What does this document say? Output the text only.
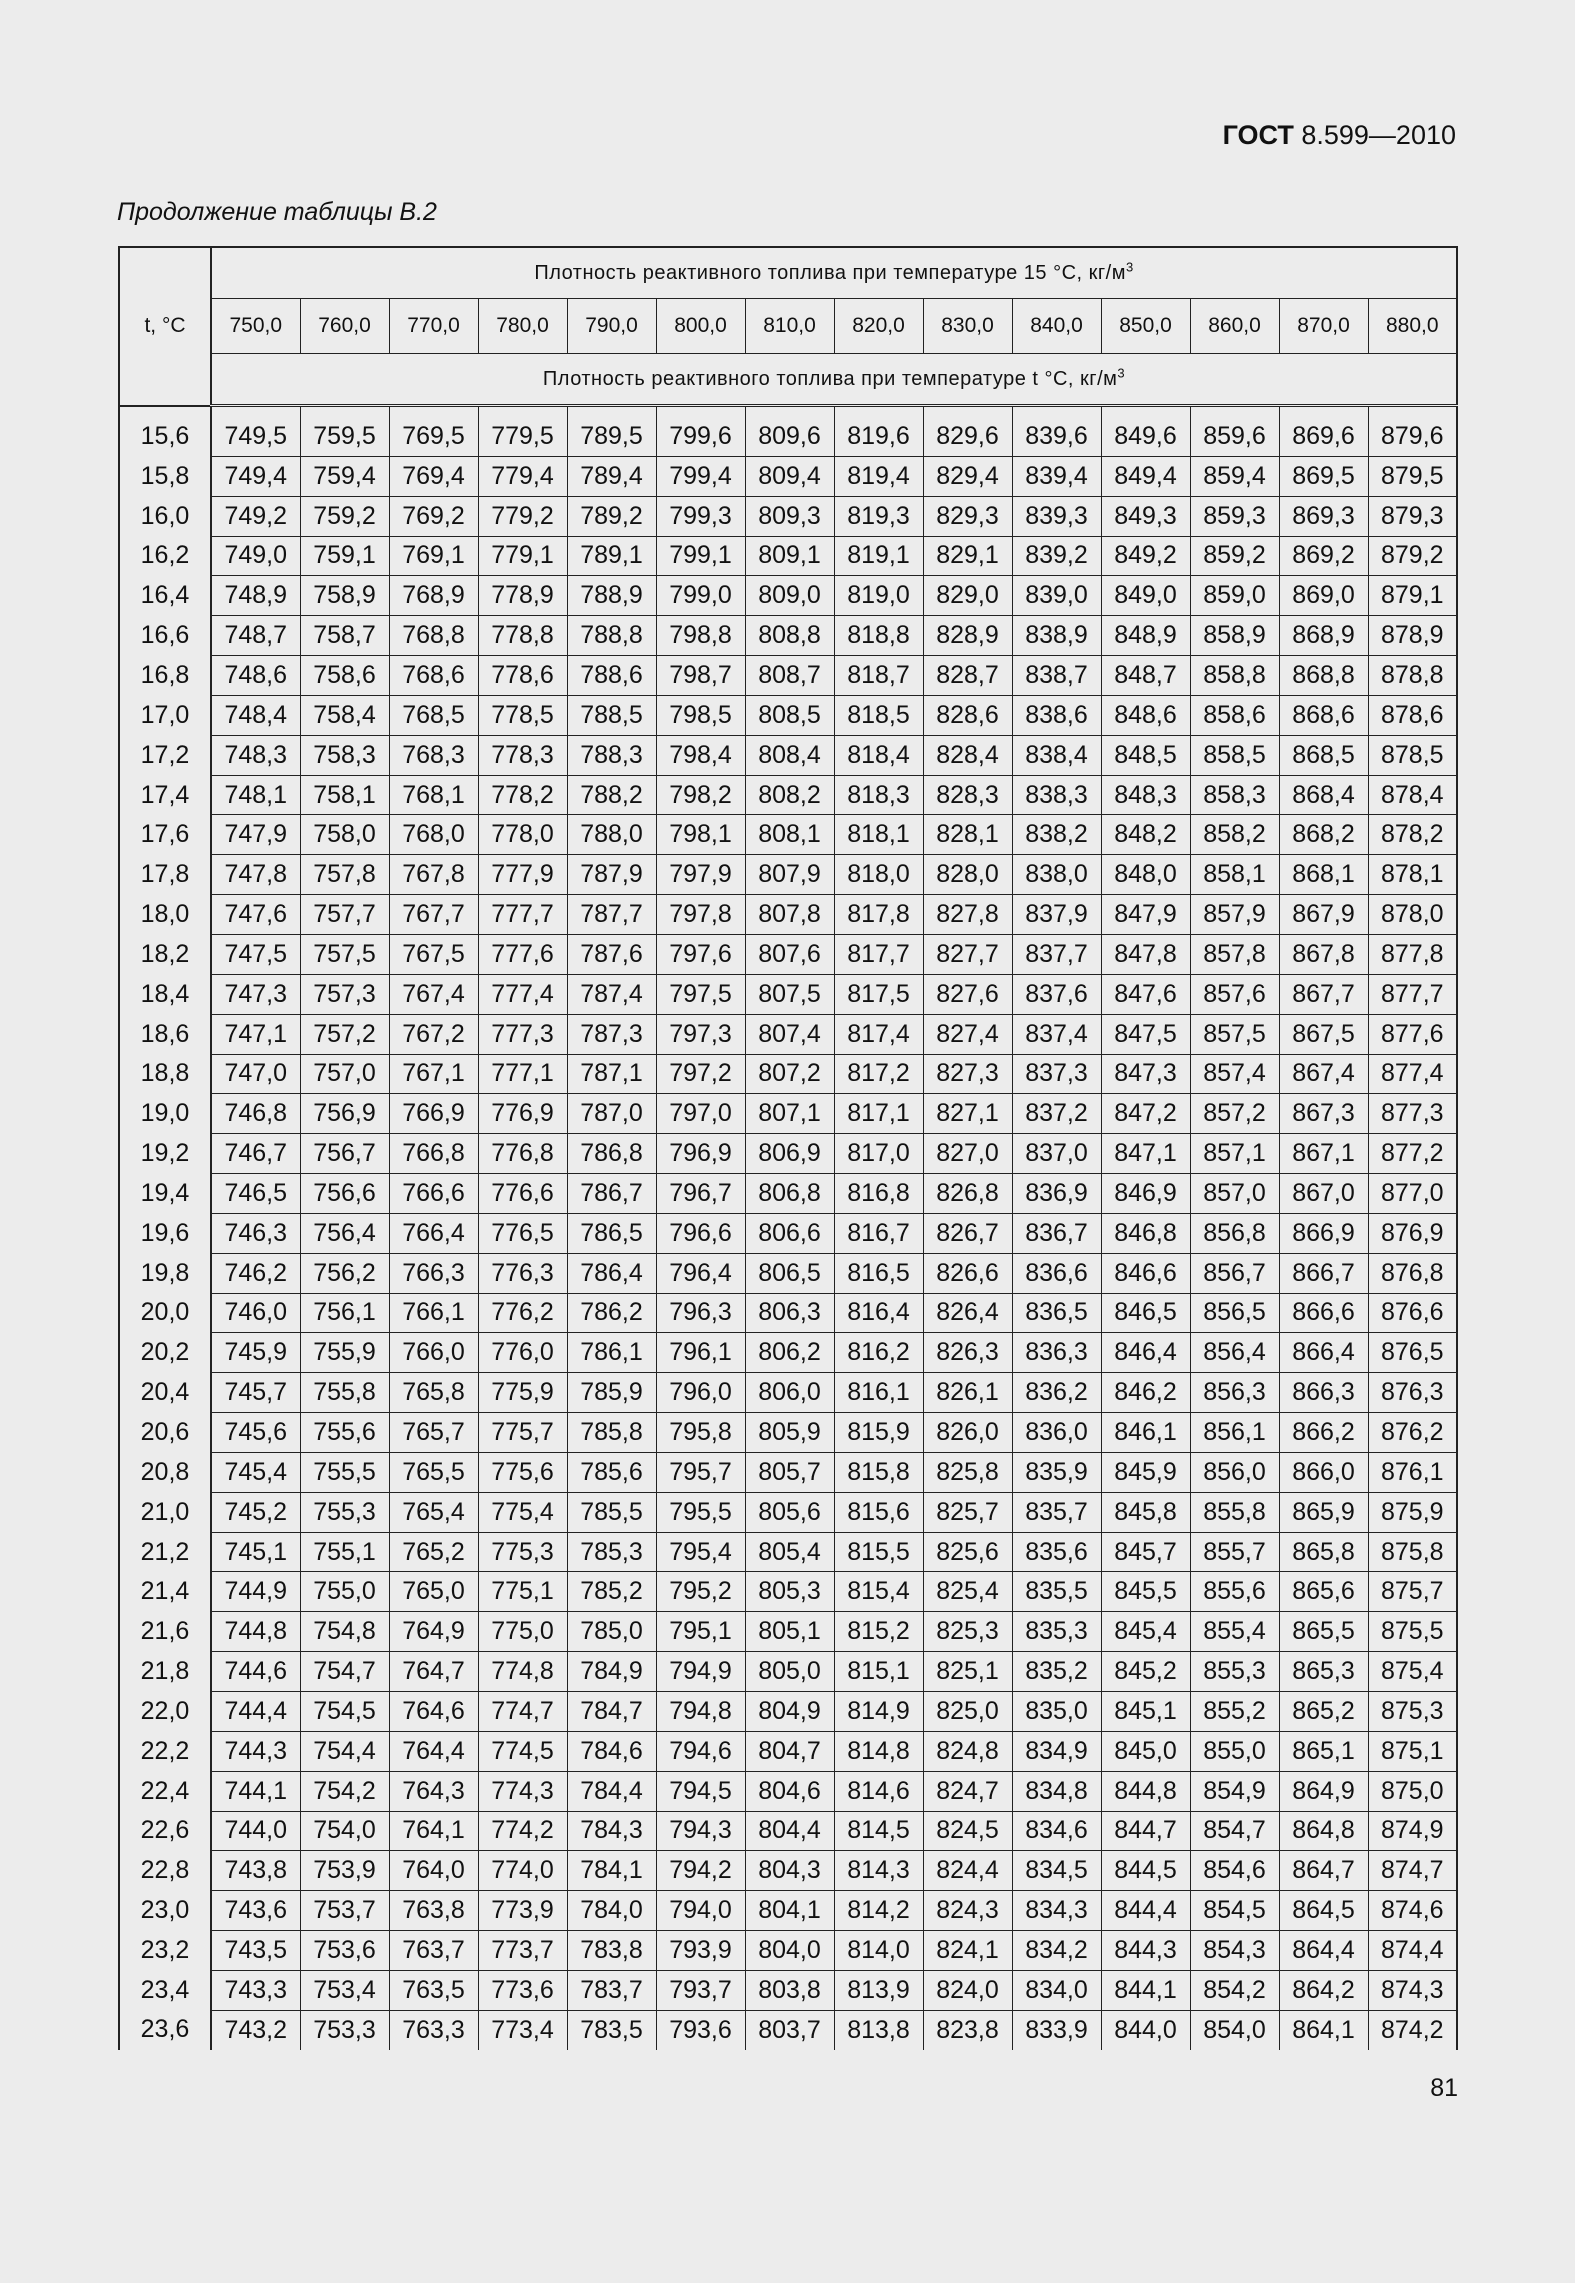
ГОСТ 8.599—2010
Продолжение таблицы В.2
t, °C	Плотность реактивного топлива при температуре 15 °C, $кг/м^3$
	750,0	760,0	770,0	780,0	790,0	800,0	810,0	820,0	830,0	840,0	850,0	860,0	870,0	880,0
	Плотность реактивного топлива при температуре t °C, $кг/м^3$

15,6	749,5	759,5	769,5	779,5	789,5	799,6	809,6	819,6	829,6	839,6	849,6	859,6	869,6	879,6
15,8	749,4	759,4	769,4	779,4	789,4	799,4	809,4	819,4	829,4	839,4	849,4	859,4	869,5	879,5
16,0	749,2	759,2	769,2	779,2	789,2	799,3	809,3	819,3	829,3	839,3	849,3	859,3	869,3	879,3
16,2	749,0	759,1	769,1	779,1	789,1	799,1	809,1	819,1	829,1	839,2	849,2	859,2	869,2	879,2
16,4	748,9	758,9	768,9	778,9	788,9	799,0	809,0	819,0	829,0	839,0	849,0	859,0	869,0	879,1
16,6	748,7	758,7	768,8	778,8	788,8	798,8	808,8	818,8	828,9	838,9	848,9	858,9	868,9	878,9
16,8	748,6	758,6	768,6	778,6	788,6	798,7	808,7	818,7	828,7	838,7	848,7	858,8	868,8	878,8
17,0	748,4	758,4	768,5	778,5	788,5	798,5	808,5	818,5	828,6	838,6	848,6	858,6	868,6	878,6
17,2	748,3	758,3	768,3	778,3	788,3	798,4	808,4	818,4	828,4	838,4	848,5	858,5	868,5	878,5
17,4	748,1	758,1	768,1	778,2	788,2	798,2	808,2	818,3	828,3	838,3	848,3	858,3	868,4	878,4
17,6	747,9	758,0	768,0	778,0	788,0	798,1	808,1	818,1	828,1	838,2	848,2	858,2	868,2	878,2
17,8	747,8	757,8	767,8	777,9	787,9	797,9	807,9	818,0	828,0	838,0	848,0	858,1	868,1	878,1
18,0	747,6	757,7	767,7	777,7	787,7	797,8	807,8	817,8	827,8	837,9	847,9	857,9	867,9	878,0
18,2	747,5	757,5	767,5	777,6	787,6	797,6	807,6	817,7	827,7	837,7	847,8	857,8	867,8	877,8
18,4	747,3	757,3	767,4	777,4	787,4	797,5	807,5	817,5	827,6	837,6	847,6	857,6	867,7	877,7
18,6	747,1	757,2	767,2	777,3	787,3	797,3	807,4	817,4	827,4	837,4	847,5	857,5	867,5	877,6
18,8	747,0	757,0	767,1	777,1	787,1	797,2	807,2	817,2	827,3	837,3	847,3	857,4	867,4	877,4
19,0	746,8	756,9	766,9	776,9	787,0	797,0	807,1	817,1	827,1	837,2	847,2	857,2	867,3	877,3
19,2	746,7	756,7	766,8	776,8	786,8	796,9	806,9	817,0	827,0	837,0	847,1	857,1	867,1	877,2
19,4	746,5	756,6	766,6	776,6	786,7	796,7	806,8	816,8	826,8	836,9	846,9	857,0	867,0	877,0
19,6	746,3	756,4	766,4	776,5	786,5	796,6	806,6	816,7	826,7	836,7	846,8	856,8	866,9	876,9
19,8	746,2	756,2	766,3	776,3	786,4	796,4	806,5	816,5	826,6	836,6	846,6	856,7	866,7	876,8
20,0	746,0	756,1	766,1	776,2	786,2	796,3	806,3	816,4	826,4	836,5	846,5	856,5	866,6	876,6
20,2	745,9	755,9	766,0	776,0	786,1	796,1	806,2	816,2	826,3	836,3	846,4	856,4	866,4	876,5
20,4	745,7	755,8	765,8	775,9	785,9	796,0	806,0	816,1	826,1	836,2	846,2	856,3	866,3	876,3
20,6	745,6	755,6	765,7	775,7	785,8	795,8	805,9	815,9	826,0	836,0	846,1	856,1	866,2	876,2
20,8	745,4	755,5	765,5	775,6	785,6	795,7	805,7	815,8	825,8	835,9	845,9	856,0	866,0	876,1
21,0	745,2	755,3	765,4	775,4	785,5	795,5	805,6	815,6	825,7	835,7	845,8	855,8	865,9	875,9
21,2	745,1	755,1	765,2	775,3	785,3	795,4	805,4	815,5	825,6	835,6	845,7	855,7	865,8	875,8
21,4	744,9	755,0	765,0	775,1	785,2	795,2	805,3	815,4	825,4	835,5	845,5	855,6	865,6	875,7
21,6	744,8	754,8	764,9	775,0	785,0	795,1	805,1	815,2	825,3	835,3	845,4	855,4	865,5	875,5
21,8	744,6	754,7	764,7	774,8	784,9	794,9	805,0	815,1	825,1	835,2	845,2	855,3	865,3	875,4
22,0	744,4	754,5	764,6	774,7	784,7	794,8	804,9	814,9	825,0	835,0	845,1	855,2	865,2	875,3
22,2	744,3	754,4	764,4	774,5	784,6	794,6	804,7	814,8	824,8	834,9	845,0	855,0	865,1	875,1
22,4	744,1	754,2	764,3	774,3	784,4	794,5	804,6	814,6	824,7	834,8	844,8	854,9	864,9	875,0
22,6	744,0	754,0	764,1	774,2	784,3	794,3	804,4	814,5	824,5	834,6	844,7	854,7	864,8	874,9
22,8	743,8	753,9	764,0	774,0	784,1	794,2	804,3	814,3	824,4	834,5	844,5	854,6	864,7	874,7
23,0	743,6	753,7	763,8	773,9	784,0	794,0	804,1	814,2	824,3	834,3	844,4	854,5	864,5	874,6
23,2	743,5	753,6	763,7	773,7	783,8	793,9	804,0	814,0	824,1	834,2	844,3	854,3	864,4	874,4
23,4	743,3	753,4	763,5	773,6	783,7	793,7	803,8	813,9	824,0	834,0	844,1	854,2	864,2	874,3
23,6	743,2	753,3	763,3	773,4	783,5	793,6	803,7	813,8	823,8	833,9	844,0	854,0	864,1	874,2
81
